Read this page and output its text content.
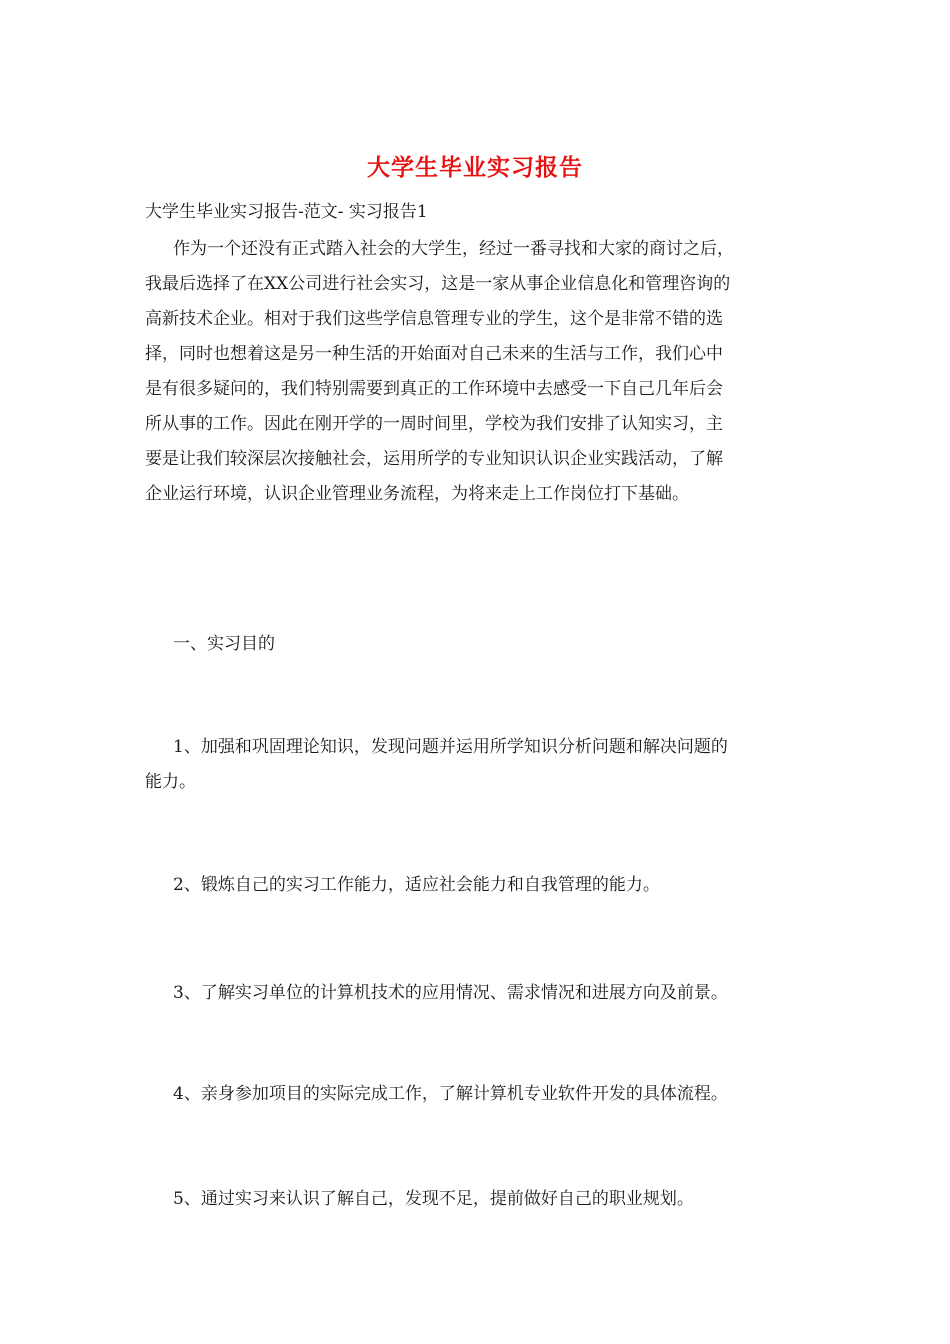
大学生毕业实习报告
大学生毕业实习报告-范文- 实习报告1
作为一个还没有正式踏入社会的大学生，经过一番寻找和大家的商讨之后，
我最后选择了在XX公司进行社会实习，这是一家从事企业信息化和管理咨询的
高新技术企业。相对于我们这些学信息管理专业的学生，这个是非常不错的选
择，同时也想着这是另一种生活的开始面对自己未来的生活与工作，我们心中
是有很多疑问的，我们特别需要到真正的工作环境中去感受一下自己几年后会
所从事的工作。因此在刚开学的一周时间里，学校为我们安排了认知实习，主
要是让我们较深层次接触社会，运用所学的专业知识认识企业实践活动，了解
企业运行环境，认识企业管理业务流程，为将来走上工作岗位打下基础。
一、实习目的
1、加强和巩固理论知识，发现问题并运用所学知识分析问题和解决问题的
能力。
2、锻炼自己的实习工作能力，适应社会能力和自我管理的能力。
3、了解实习单位的计算机技术的应用情况、需求情况和进展方向及前景。
4、亲身参加项目的实际完成工作，了解计算机专业软件开发的具体流程。
5、通过实习来认识了解自己，发现不足，提前做好自己的职业规划。
